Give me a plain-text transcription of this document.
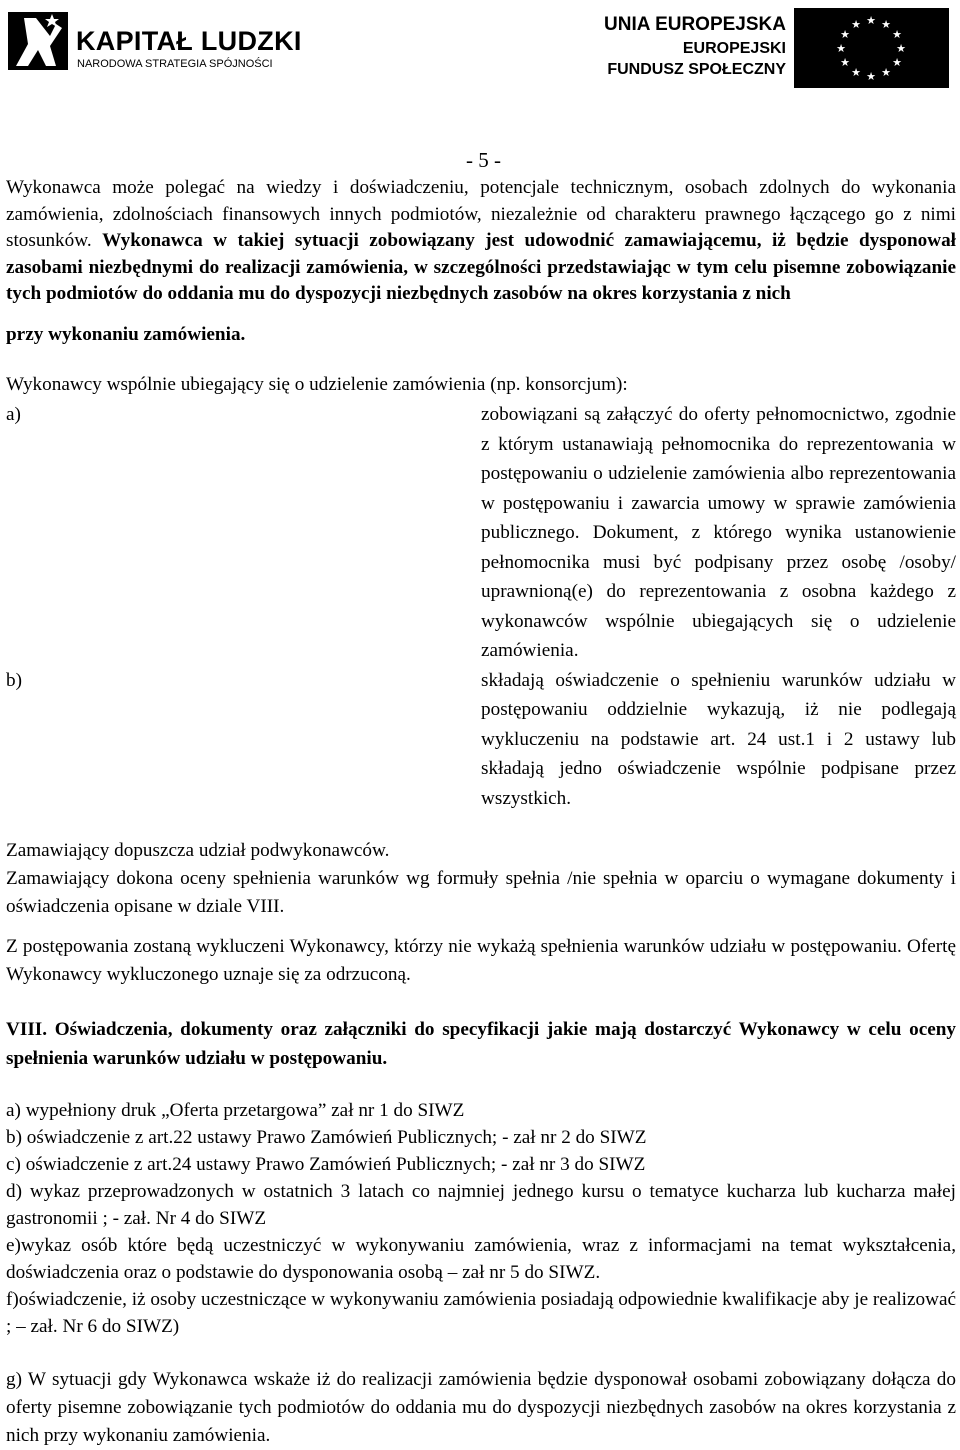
KAPITAŁ LUDZKI
NARODOWA STRATEGIA SPÓJNOŚCI
UNIA EUROPEJSKA
EUROPEJSKI
FUNDUSZ SPOŁECZNY
★ ★
★
★
★
★
★
★
★
★
★
★
- 5 -

Wykonawca może polegać na wiedzy i doświadczeniu, potencjale technicznym, osobach zdolnych do wykonania zamówienia, zdolnościach finansowych innych podmiotów, niezależnie od charakteru prawnego łączącego go z nimi stosunków. Wykonawca w takiej sytuacji zobowiązany jest udowodnić zamawiającemu, iż będzie dysponował zasobami niezbędnymi do realizacji zamówienia, w szczególności przedstawiając w tym celu pisemne zobowiązanie tych podmiotów do oddania mu do dyspozycji niezbędnych zasobów na okres korzystania z nich

przy wykonaniu zamówienia.

Wykonawcy wspólnie ubiegający się o udzielenie zamówienia (np. konsorcjum):

a)	zobowiązani są załączyć do oferty pełnomocnictwo, zgodnie z którym ustanawiają pełnomocnika do reprezentowania w postępowaniu o udzielenie zamówienia albo reprezentowania w postępowaniu i zawarcia umowy w sprawie zamówienia publicznego. Dokument, z którego wynika ustanowienie pełnomocnika musi być podpisany przez osobę /osoby/ uprawnioną(e) do reprezentowania z osobna każdego z wykonawców wspólnie ubiegających się o udzielenie zamówienia.
b)	składają oświadczenie o spełnieniu warunków udziału w postępowaniu oddzielnie wykazują, iż nie podlegają wykluczeniu na podstawie art. 24 ust.1 i 2 ustawy lub składają jedno oświadczenie wspólnie podpisane przez wszystkich.

Zamawiający dopuszcza udział podwykonawców.

Zamawiający dokona oceny spełnienia warunków wg formuły spełnia /nie spełnia w oparciu o wymagane dokumenty i oświadczenia opisane w dziale VIII.

Z postępowania zostaną wykluczeni Wykonawcy, którzy nie wykażą spełnienia warunków udziału w postępowaniu. Ofertę Wykonawcy wykluczonego uznaje się za odrzuconą.

VIII. Oświadczenia, dokumenty oraz załączniki do specyfikacji jakie mają dostarczyć Wykonawcy w celu oceny spełnienia warunków udziału w postępowaniu.

a) wypełniony druk „Oferta przetargowa” zał nr 1 do SIWZ

b) oświadczenie z art.22 ustawy Prawo Zamówień Publicznych; - zał nr 2 do SIWZ

c) oświadczenie z art.24 ustawy Prawo Zamówień Publicznych; - zał nr 3 do SIWZ

d) wykaz przeprowadzonych w ostatnich 3 latach co najmniej jednego kursu o tematyce kucharza lub kucharza małej gastronomii ; - zał. Nr 4 do SIWZ

e)wykaz osób które będą uczestniczyć w wykonywaniu zamówienia, wraz z informacjami na temat wykształcenia, doświadczenia oraz o podstawie do dysponowania osobą – zał nr 5 do SIWZ.

f)oświadczenie, iż osoby uczestniczące w wykonywaniu zamówienia posiadają odpowiednie kwalifikacje aby je realizować ; – zał. Nr 6 do SIWZ)

g) W sytuacji gdy Wykonawca wskaże iż do realizacji zamówienia będzie dysponował osobami zobowiązany dołącza do oferty pisemne zobowiązanie tych podmiotów do oddania mu do dyspozycji niezbędnych zasobów na okres korzystania z nich przy wykonaniu zamówienia.
